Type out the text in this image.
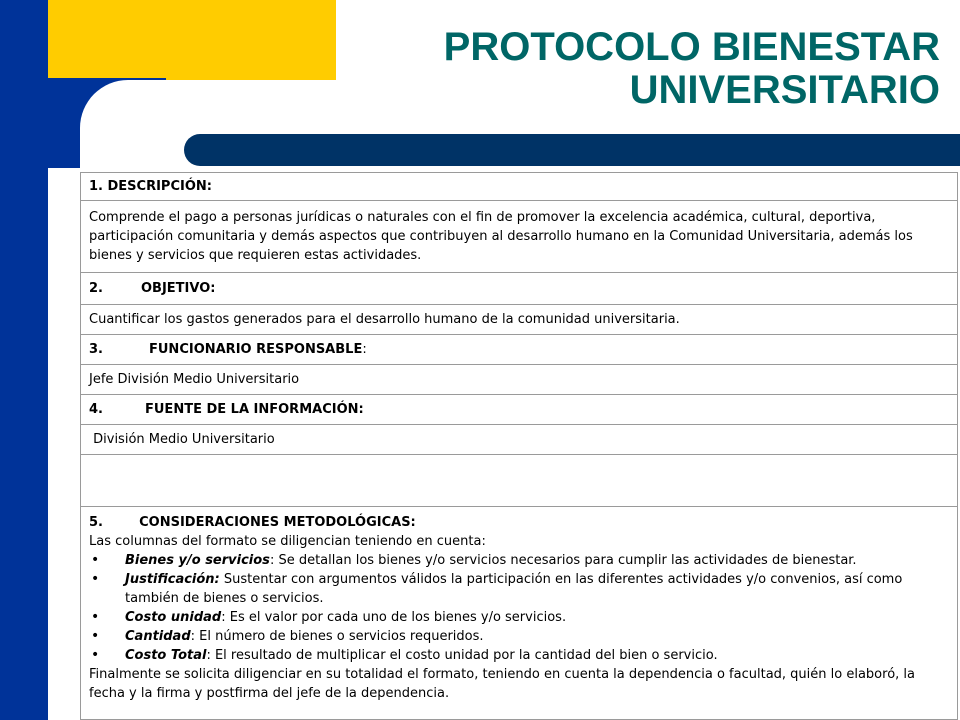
PROTOCOLO BIENESTAR
UNIVERSITARIO
1. DESCRIPCIÓN:
Comprende el pago a personas jurídicas o naturales con el fin de promover la excelencia académica, cultural, deportiva, participación comunitaria y demás aspectos que contribuyen al desarrollo humano en la Comunidad Universitaria, además los bienes y servicios que requieren estas actividades.
2.	OBJETIVO:
Cuantificar los gastos generados para el desarrollo humano de la comunidad universitaria.
3.	FUNCIONARIO RESPONSABLE :
Jefe División Medio Universitario
4.	FUENTE DE LA INFORMACIÓN:
División Medio Universitario
5.	CONSIDERACIONES METODOLÓGICAS:
Las columnas del formato se diligencian teniendo en cuenta:
• Bienes y/o servicios: Se detallan los bienes y/o servicios necesarios para cumplir las actividades de bienestar.
• Justificación: Sustentar con argumentos válidos la participación en las diferentes actividades y/o convenios, así como también de bienes o servicios.
• Costo unidad: Es el valor por cada uno de los bienes y/o servicios.
• Cantidad: El número de bienes o servicios requeridos.
• Costo Total: El resultado de multiplicar el costo unidad por la cantidad del bien o servicio.
Finalmente se solicita diligenciar en su totalidad el formato, teniendo en cuenta la dependencia o facultad, quién lo elaboró, la fecha y la firma y postfirma del jefe de la dependencia.
